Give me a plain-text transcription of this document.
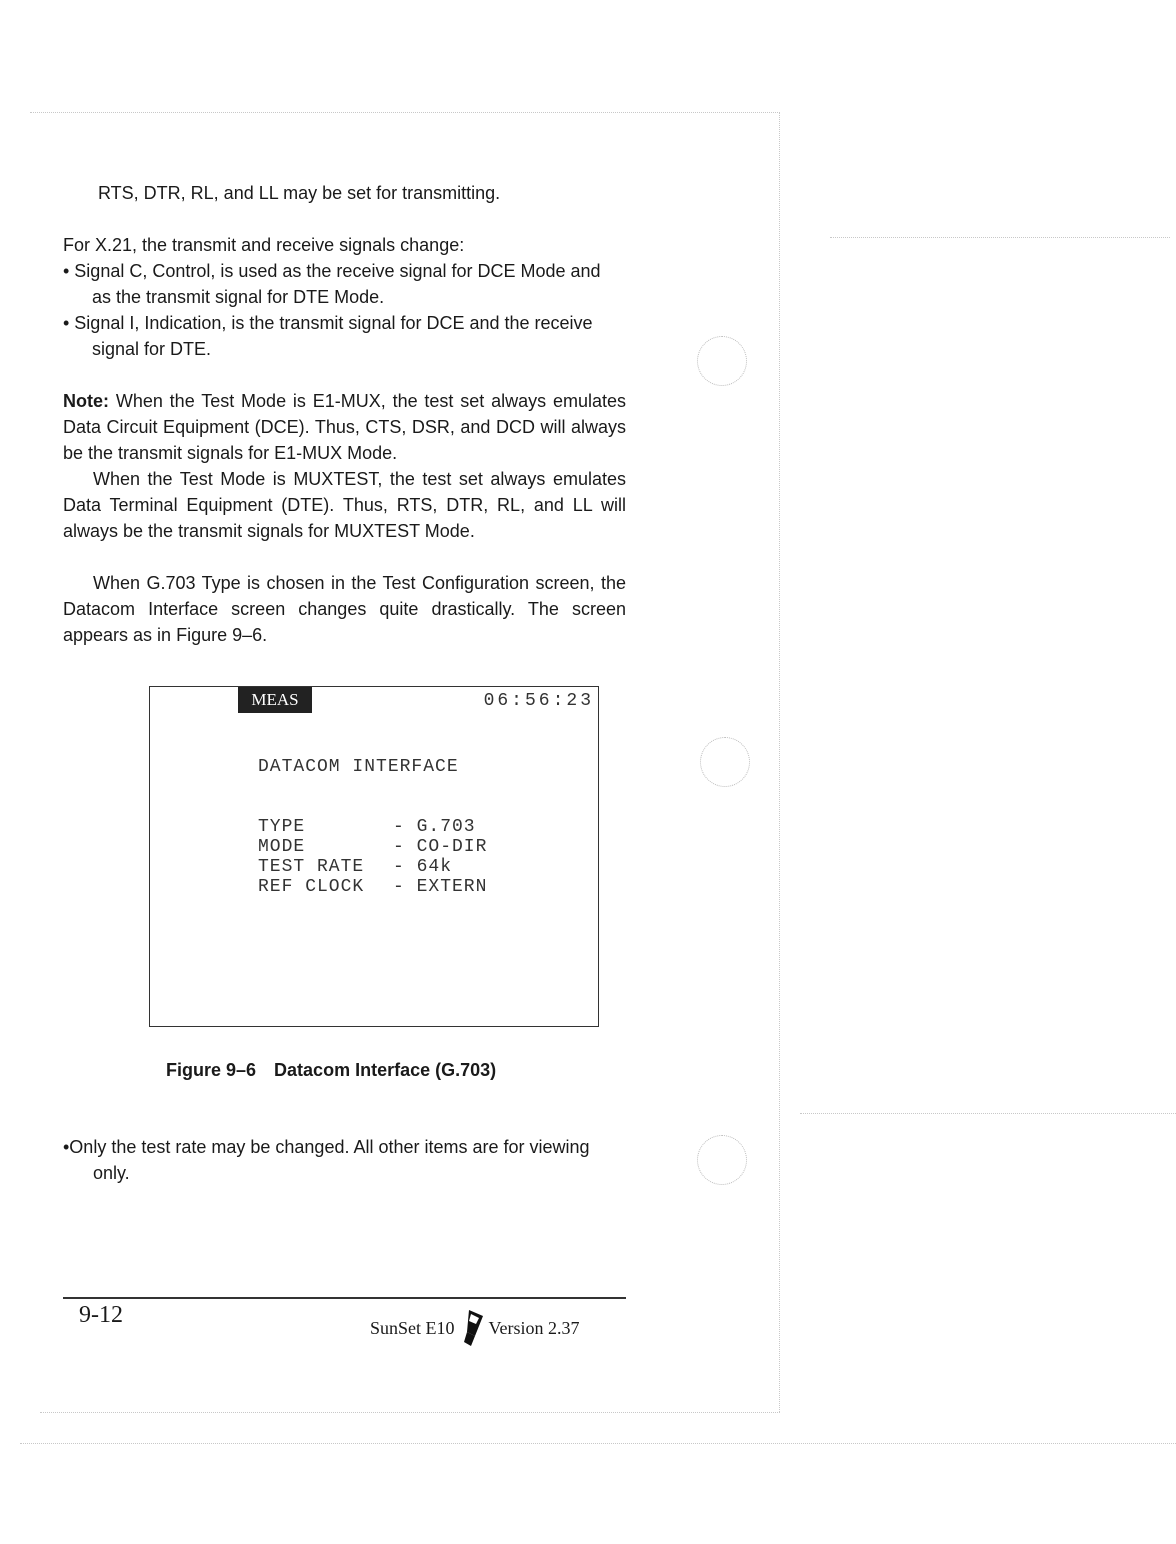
RTS, DTR, RL, and LL may be set for transmitting.

For X.21, the transmit and receive signals change:

• Signal C, Control, is used as the receive signal for DCE Mode and
as the transmit signal for DTE Mode.

• Signal I, Indication, is the transmit signal for DCE and the receive
signal for DTE.

Note: When the Test Mode is E1-MUX, the test set always emulates Data Circuit Equipment (DCE). Thus, CTS, DSR, and DCD will always be the transmit signals for E1-MUX Mode.

When the Test Mode is MUXTEST, the test set always emulates Data Terminal Equipment (DTE). Thus, RTS, DTR, RL, and LL will always be the transmit signals for MUXTEST Mode.

When G.703 Type is chosen in the Test Configuration screen, the Datacom Interface screen changes quite drastically. The screen appears as in Figure 9–6.

MEAS	06:56:23
DATACOM INTERFACE
TYPE	- G.703
MODE	- CO-DIR
TEST RATE - 64k
REF CLOCK - EXTERN
Figure 9–6 Datacom Interface (G.703)

•Only the test rate may be changed. All other items are for viewing
only.

9-12	SunSet E10 Version 2.37
